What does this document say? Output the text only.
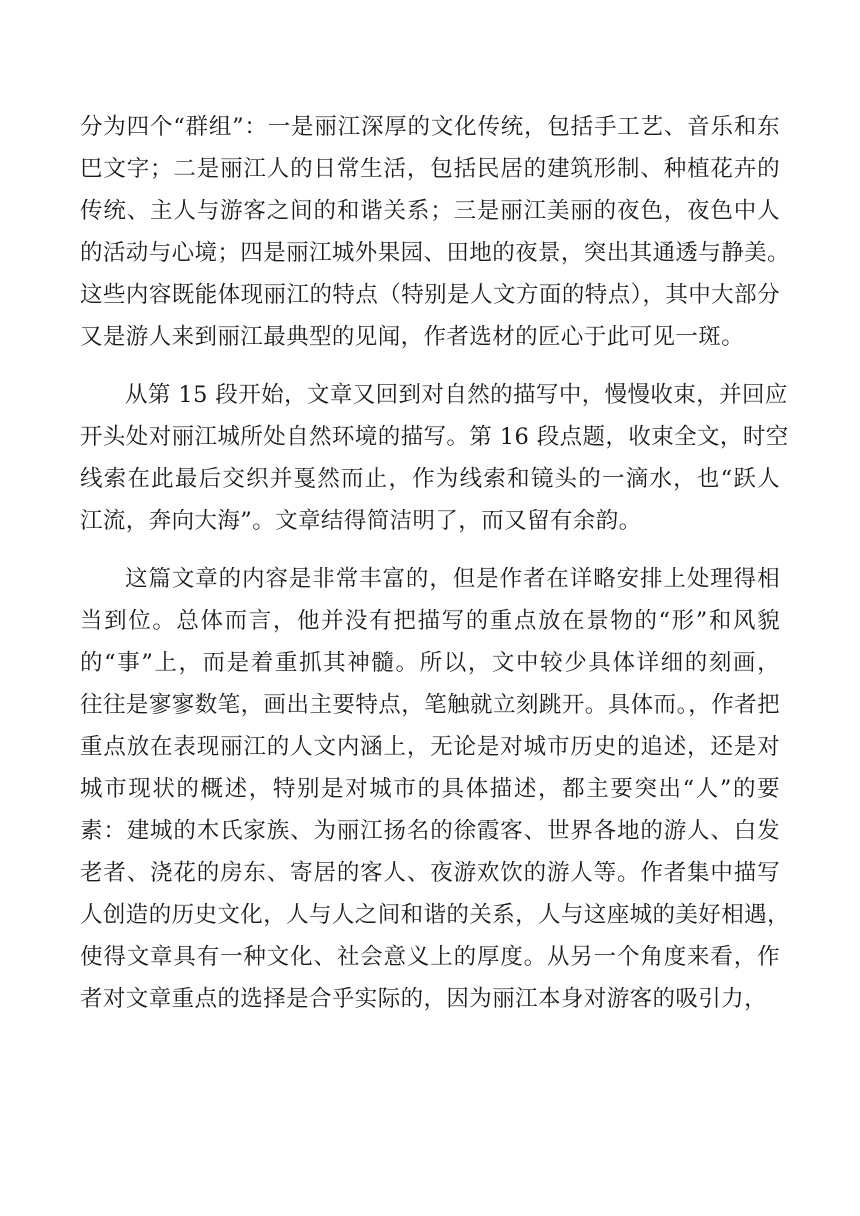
分为四个“群组”：一是丽江深厚的文化传统，包括手工艺、音乐和东
巴文字；二是丽江人的日常生活，包括民居的建筑形制、种植花卉的
传统、主人与游客之间的和谐关系；三是丽江美丽的夜色，夜色中人
的活动与心境；四是丽江城外果园、田地的夜景，突出其通透与静美。
这些内容既能体现丽江的特点（特别是人文方面的特点），其中大部分
又是游人来到丽江最典型的见闻，作者选材的匠心于此可见一斑。

从第 15 段开始，文章又回到对自然的描写中，慢慢收束，并回应
开头处对丽江城所处自然环境的描写。第 16 段点题，收束全文，时空
线索在此最后交织并戛然而止，作为线索和镜头的一滴水，也“跃人
江流，奔向大海”。文章结得简洁明了，而又留有余韵。

这篇文章的内容是非常丰富的，但是作者在详略安排上处理得相
当到位。总体而言，他并没有把描写的重点放在景物的“形”和风貌
的“事”上，而是着重抓其神髓。所以，文中较少具体详细的刻画，
往往是寥寥数笔，画出主要特点，笔触就立刻跳开。具体而。，作者把
重点放在表现丽江的人文内涵上，无论是对城市历史的追述，还是对
城市现状的概述，特别是对城市的具体描述，都主要突出“人”的要
素：建城的木氏家族、为丽江扬名的徐霞客、世界各地的游人、白发
老者、浇花的房东、寄居的客人、夜游欢饮的游人等。作者集中描写
人创造的历史文化，人与人之间和谐的关系，人与这座城的美好相遇，
使得文章具有一种文化、社会意义上的厚度。从另一个角度来看，作
者对文章重点的选择是合乎实际的，因为丽江本身对游客的吸引力，
